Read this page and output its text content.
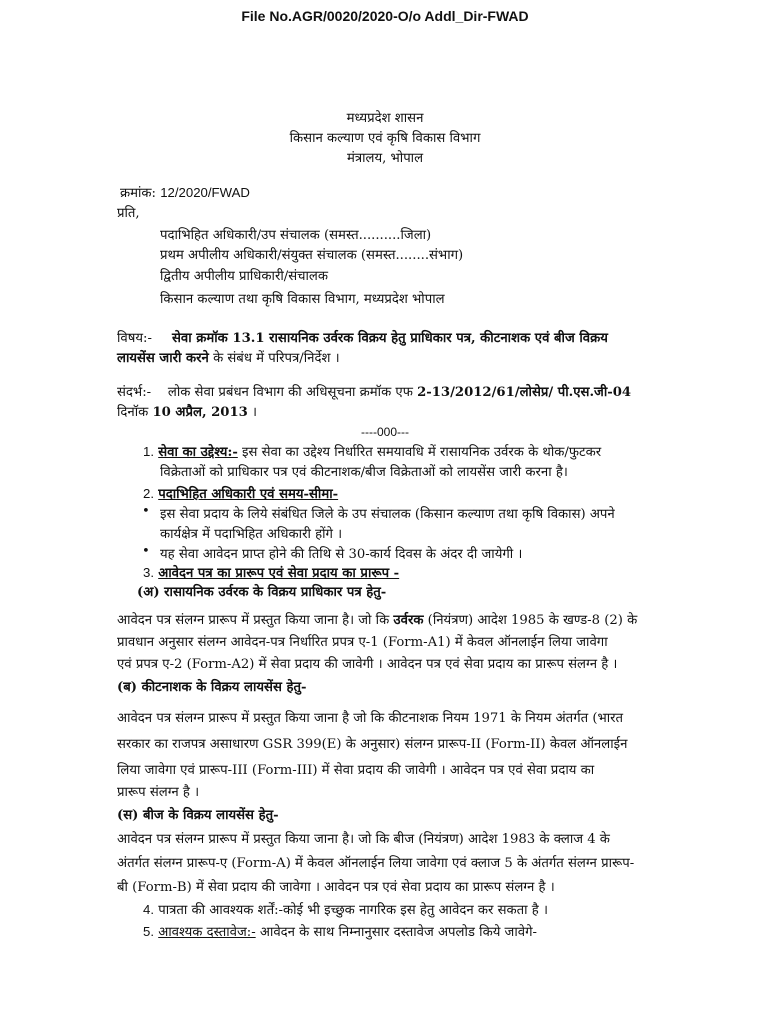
File No.AGR/0020/2020-O/o Addl_Dir-FWAD
मध्यप्रदेश शासन
किसान कल्याण एवं कृषि विकास विभाग
मंत्रालय, भोपाल
क्रमांक: 12/2020/FWAD
प्रति,
पदाभिहित अधिकारी/उप संचालक (समस्त..........जिला)
प्रथम अपीलीय अधिकारी/संयुक्त संचालक (समस्त........संभाग)
द्वितीय अपीलीय प्राधिकारी/संचालक
किसान कल्याण तथा कृषि विकास विभाग, मध्यप्रदेश भोपाल
विषय:- सेवा क्रमॉक 13.1 रासायनिक उर्वरक विक्रय हेतु प्राधिकार पत्र, कीटनाशक एवं बीज विक्रय
लायसेंस जारी करने के संबंध में परिपत्र/निर्देश ।
संदर्भ:- लोक सेवा प्रबंधन विभाग की अधिसूचना क्रमॉक एफ 2-13/2012/61/लोसेप्र/ पी.एस.जी-04
दिनॉक 10 अप्रैल, 2013 ।
----000---
1. सेवा का उद्देश्य:- इस सेवा का उद्देश्य निर्धारित समयावधि में रासायनिक उर्वरक के थोक/फुटकर
विक्रेताओं को प्राधिकार पत्र एवं कीटनाशक/बीज विक्रेताओं को लायसेंस जारी करना है।
2. पदाभिहित अधिकारी एवं समय-सीमा-
• इस सेवा प्रदाय के लिये संबंधित जिले के उप संचालक (किसान कल्याण तथा कृषि विकास) अपने
कार्यक्षेत्र में पदाभिहित अधिकारी होंगे ।
• यह सेवा आवेदन प्राप्त होने की तिथि से 30-कार्य दिवस के अंदर दी जायेगी ।
3. आवेदन पत्र का प्रारूप एवं सेवा प्रदाय का प्रारूप -
(अ) रासायनिक उर्वरक के विक्रय प्राधिकार पत्र हेतु-
आवेदन पत्र संलग्न प्रारूप में प्रस्तुत किया जाना है। जो कि उर्वरक (नियंत्रण) आदेश 1985 के खण्ड-8 (2) के
प्रावधान अनुसार संलग्न आवेदन-पत्र निर्धारित प्रपत्र ए-1 (Form-A1) में केवल ऑनलाईन लिया जावेगा
एवं प्रपत्र ए-2 (Form-A2) में सेवा प्रदाय की जावेगी । आवेदन पत्र एवं सेवा प्रदाय का प्रारूप संलग्न है ।
(ब) कीटनाशक के विक्रय लायसेंस हेतु-
आवेदन पत्र संलग्न प्रारूप में प्रस्तुत किया जाना है जो कि कीटनाशक नियम 1971 के नियम अंतर्गत (भारत
सरकार का राजपत्र असाधारण GSR 399(E) के अनुसार) संलग्न प्रारूप-II (Form-II) केवल ऑनलाईन
लिया जावेगा एवं प्रारूप-III (Form-III) में सेवा प्रदाय की जावेगी । आवेदन पत्र एवं सेवा प्रदाय का
प्रारूप संलग्न है ।
(स) बीज के विक्रय लायसेंस हेतु-
आवेदन पत्र संलग्न प्रारूप में प्रस्तुत किया जाना है। जो कि बीज (नियंत्रण) आदेश 1983 के क्लाज 4 के
अंतर्गत संलग्न प्रारूप-ए (Form-A) में केवल ऑनलाईन लिया जावेगा एवं क्लाज 5 के अंतर्गत संलग्न प्रारूप-
बी (Form-B) में सेवा प्रदाय की जावेगा । आवेदन पत्र एवं सेवा प्रदाय का प्रारूप संलग्न है ।
4. पात्रता की आवश्यक शर्तें:-कोई भी इच्छुक नागरिक इस हेतु आवेदन कर सकता है ।
5. आवश्यक दस्तावेज:- आवेदन के साथ निम्नानुसार दस्तावेज अपलोड किये जावेगे-
